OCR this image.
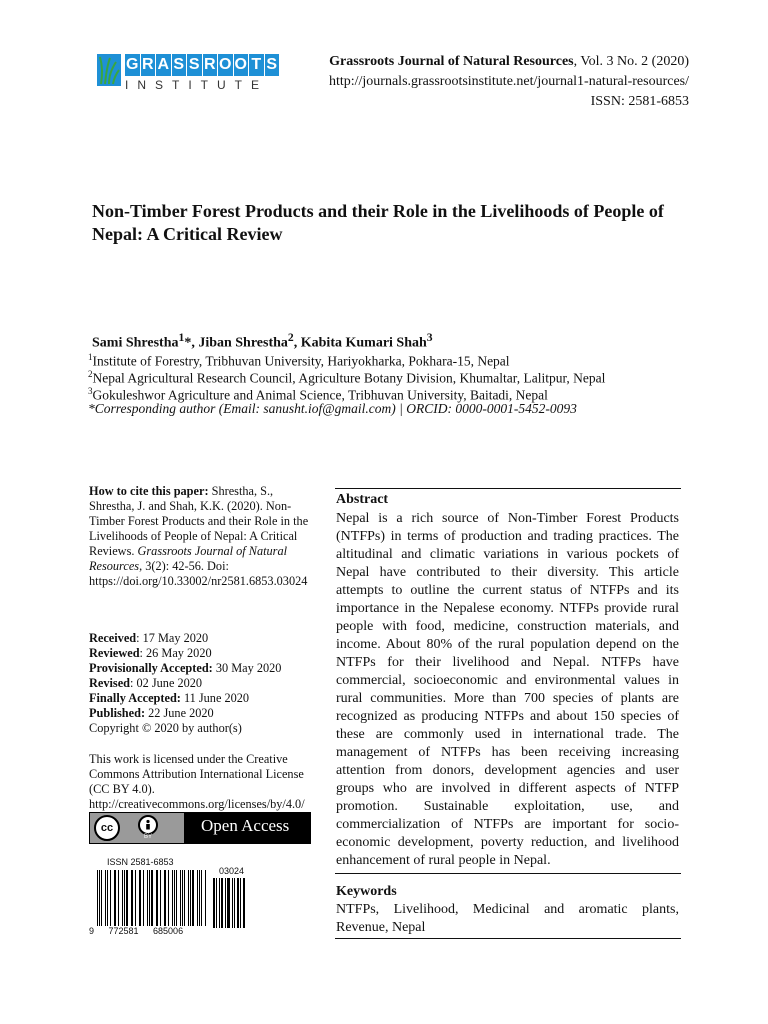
G R A S S R O O T S
INSTITUTE
Grassroots Journal of Natural Resources, Vol. 3 No. 2 (2020)
http://journals.grassrootsinstitute.net/journal1-natural-resources/
ISSN: 2581-6853
Non-Timber Forest Products and their Role in the Livelihoods of People of Nepal: A Critical Review
Sami Shrestha$^1$*, Jiban Shrestha$^2$, Kabita Kumari Shah$^3$
$^1$Institute of Forestry, Tribhuvan University, Hariyokharka, Pokhara-15, Nepal
$^2$Nepal Agricultural Research Council, Agriculture Botany Division, Khumaltar, Lalitpur, Nepal
$^3$Gokuleshwor Agriculture and Animal Science, Tribhuvan University, Baitadi, Nepal
*Corresponding author (Email: sanusht.iof@gmail.com) | ORCID: 0000-0001-5452-0093
How to cite this paper: Shrestha, S., Shrestha, J. and Shah, K.K. (2020). Non-Timber Forest Products and their Role in the Livelihoods of People of Nepal: A Critical Reviews. Grassroots Journal of Natural Resources, 3(2): 42-56. Doi: https://doi.org/10.33002/nr2581.6853.03024
Received: 17 May 2020
Reviewed: 26 May 2020
Provisionally Accepted: 30 May 2020
Revised: 02 June 2020
Finally Accepted: 11 June 2020
Published: 22 June 2020
Copyright © 2020 by author(s)
This work is licensed under the Creative Commons Attribution International License (CC BY 4.0).
http://creativecommons.org/licenses/by/4.0/
cc
BY
Open Access
ISSN 2581-6853
9 772581 685006
03024
Abstract
Nepal is a rich source of Non-Timber Forest Products (NTFPs) in terms of production and trading practices. The altitudinal and climatic variations in various pockets of Nepal have contributed to their diversity. This article attempts to outline the current status of NTFPs and its importance in the Nepalese economy. NTFPs provide rural people with food, medicine, construction materials, and income. About 80% of the rural population depend on the NTFPs for their livelihood and Nepal. NTFPs have commercial, socioeconomic and environmental values in rural communities. More than 700 species of plants are recognized as producing NTFPs and about 150 species of these are commonly used in international trade. The management of NTFPs has been receiving increasing attention from donors, development agencies and user groups who are involved in different aspects of NTFP promotion. Sustainable exploitation, use, and commercialization of NTFPs are important for socio-economic development, poverty reduction, and livelihood enhancement of rural people in Nepal.
Keywords
NTFPs, Livelihood, Medicinal and aromatic plants, Revenue, Nepal
